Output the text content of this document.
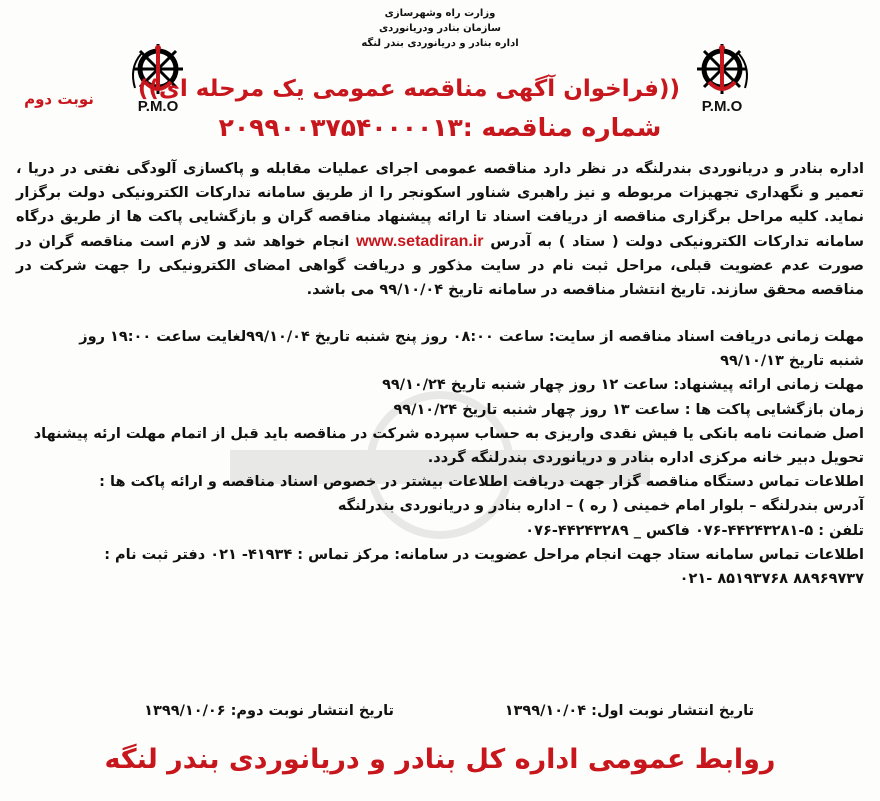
وزارت راه وشهرسازی
سازمان بنادر ودریانوردی
اداره بنادر و دریانوردی بندر لنگه
P.M.O	P.M.O
نوبت دوم	((فراخوان آگهی مناقصه عمومی یک مرحله ای))
شماره مناقصه :۲۰۹۹۰۰۳۷۵۴۰۰۰۰۱۳

اداره بنادر و دریانوردی بندرلنگه در نظر دارد مناقصه عمومی اجرای عملیات مقابله و پاکسازی آلودگی نفتی در دریا ، تعمیر و نگهداری تجهیزات مربوطه و نیز راهبری شناور اسکونجر را از طریق سامانه تدارکات الکترونیکی دولت برگزار نماید. کلیه مراحل برگزاری مناقصه از دریافت اسناد تا ارائه پیشنهاد مناقصه گران و بازگشایی پاکت ها از طریق درگاه سامانه تدارکات الکترونیکی دولت ( ستاد ) به آدرس www.setadiran.ir انجام خواهد شد و لازم است مناقصه گران در صورت عدم عضویت قبلی، مراحل ثبت نام در سایت مذکور و دریافت گواهی امضای الکترونیکی را جهت شرکت در مناقصه محقق سازند. تاریخ انتشار مناقصه در سامانه تاریخ ۹۹/۱۰/۰۴ می باشد.

مهلت زمانی دریافت اسناد مناقصه از سایت: ساعت ۰۸:۰۰ روز پنج شنبه تاریخ ۹۹/۱۰/۰۴لغایت ساعت ۱۹:۰۰ روز
شنبه تاریخ ۹۹/۱۰/۱۳
مهلت زمانی ارائه پیشنهاد: ساعت ۱۲ روز چهار شنبه تاریخ ۹۹/۱۰/۲۴
زمان بازگشایی پاکت ها : ساعت ۱۳ روز چهار شنبه تاریخ ۹۹/۱۰/۲۴
اصل ضمانت نامه بانکی یا فیش نقدی واریزی به حساب سپرده شرکت در مناقصه باید قبل از اتمام مهلت ارئه پیشنهاد
تحویل دبیر خانه مرکزی اداره بنادر و دریانوردی بندرلنگه گردد.
اطلاعات تماس دستگاه مناقصه گزار جهت دریافت اطلاعات بیشتر در خصوص اسناد مناقصه و ارائه پاکت ها :
آدرس بندرلنگه – بلوار امام خمینی ( ره ) – اداره بنادر و دریانوردی بندرلنگه
تلفن : ۵-۴۴۲۴۳۲۸۱-۰۷۶ فاکس _ ۴۴۲۴۳۲۸۹-۰۷۶
اطلاعات تماس سامانه ستاد جهت انجام مراحل عضویت در سامانه: مرکز تماس : ۴۱۹۳۴- ۰۲۱ دفتر ثبت نام :
۸۸۹۶۹۷۳۷ ۸۵۱۹۳۷۶۸ -۰۲۱
تاریخ انتشار نوبت اول: ۱۳۹۹/۱۰/۰۴
تاریخ انتشار نوبت دوم: ۱۳۹۹/۱۰/۰۶
روابط عمومی اداره کل بنادر و دریانوردی بندر لنگه
